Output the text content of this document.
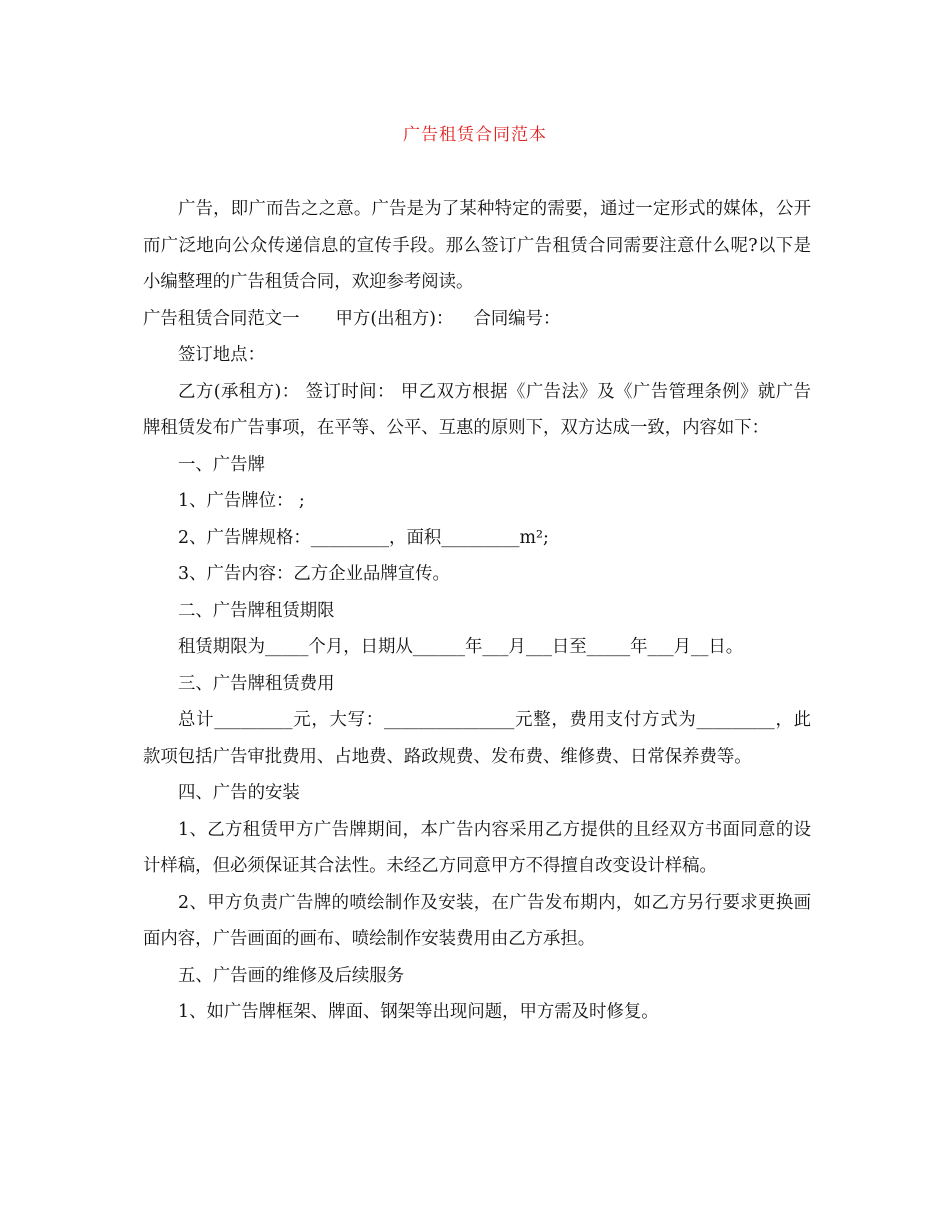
广告租赁合同范本

广告，即广而告之之意。广告是为了某种特定的需要，通过一定形式的媒体，公开而广泛地向公众传递信息的宣传手段。那么签订广告租赁合同需要注意什么呢?以下是小编整理的广告租赁合同，欢迎参考阅读。

广告租赁合同范文一 甲方(出租方)： 合同编号：
签订地点：

乙方(承租方)： 签订时间： 甲乙双方根据《广告法》及《广告管理条例》就广告牌租赁发布广告事项，在平等、公平、互惠的原则下，双方达成一致，内容如下：

一、广告牌
1、广告牌位： ;
2、广告牌规格：_________，面积_________m²;
3、广告内容：乙方企业品牌宣传。
二、广告牌租赁期限
租赁期限为_____个月，日期从______年___月___日至_____年___月__日。
三、广告牌租赁费用

总计_________元，大写：_______________元整，费用支付方式为_________，此款项包括广告审批费用、占地费、路政规费、发布费、维修费、日常保养费等。

四、广告的安装

1、乙方租赁甲方广告牌期间，本广告内容采用乙方提供的且经双方书面同意的设计样稿，但必须保证其合法性。未经乙方同意甲方不得擅自改变设计样稿。

2、甲方负责广告牌的喷绘制作及安装，在广告发布期内，如乙方另行要求更换画面内容，广告画面的画布、喷绘制作安装费用由乙方承担。

五、广告画的维修及后续服务
1、如广告牌框架、牌面、钢架等出现问题，甲方需及时修复。
